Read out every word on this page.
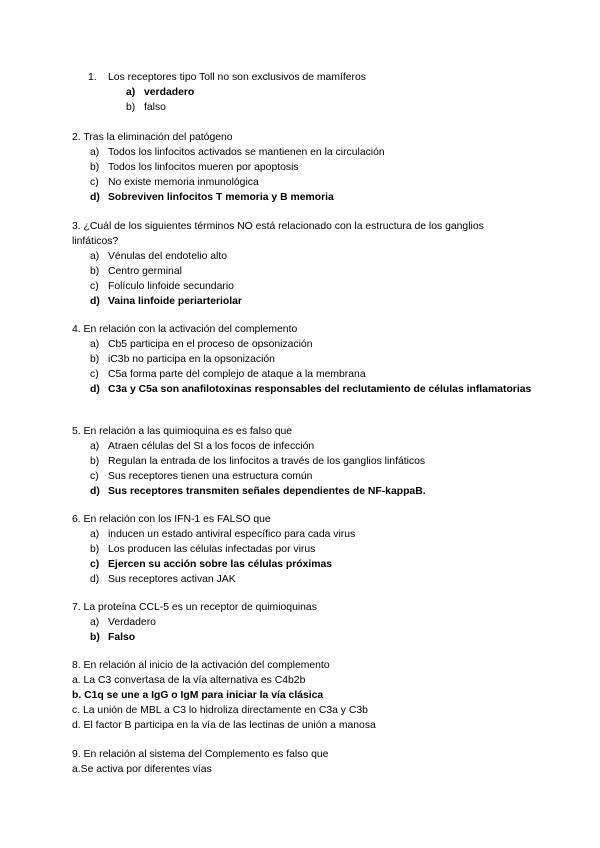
1. Los receptores tipo Toll no son exclusivos de mamíferos
a) verdadero
b) falso

2. Tras la eliminación del patógeno

a) Todos los linfocitos activados se mantienen en la circulación
b) Todos los linfocitos mueren por apoptosis
c) No existe memoria inmunológica
d) Sobreviven linfocitos T memoria y B memoria

3. ¿Cuál de los siguientes términos NO está relacionado con la estructura de los ganglios linfáticos?

a) Vénulas del endotelio alto
b) Centro germinal
c) Folículo linfoide secundario
d) Vaina linfoide periarteriolar

4. En relación con la activación del complemento

a) Cb5 participa en el proceso de opsonización
b) iC3b no participa en la opsonización
c) C5a forma parte del complejo de ataque a la membrana
d) C3a y C5a son anafilotoxinas responsables del reclutamiento de células inflamatorias

5. En relación a las quimioquina es es falso que

a) Atraen células del SI a los focos de infección
b) Regulan la entrada de los linfocitos a través de los ganglios linfáticos
c) Sus receptores tienen una estructura común
d) Sus receptores transmiten señales dependientes de NF-kappaB.

6. En relación con los IFN-1 es FALSO que

a) inducen un estado antiviral específico para cada virus
b) Los producen las células infectadas por virus
c) Ejercen su acción sobre las células próximas
d) Sus receptores activan JAK

7. La proteína CCL-5 es un receptor de quimioquinas

a) Verdadero
b) Falso

8. En relación al inicio de la activación del complemento

a. La C3 convertasa de la vía alternativa es C4b2b

b. C1q se une a IgG o IgM para iniciar la vía clásica

c. La unión de MBL a C3 lo hidroliza directamente en C3a y C3b

d. El factor B participa en la vía de las lectinas de unión a manosa

9. En relación al sistema del Complemento es falso que

a.Se activa por diferentes vías
